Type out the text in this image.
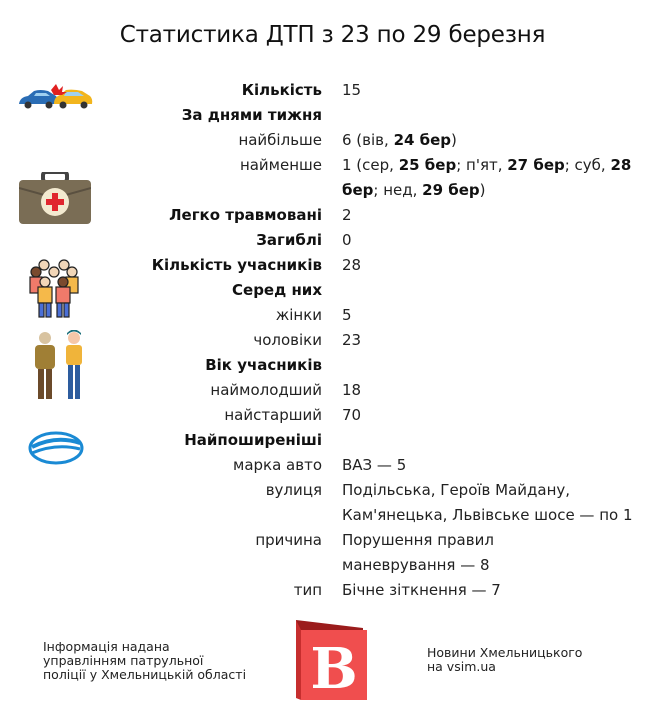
Статистика ДТП з 23 по 29 березня
Кількість 15
За днями тижня
найбільше 6 (вів, 24 бер)
найменше 1 (сер, 25 бер; п'ят, 27 бер; суб, 28
бер; нед, 29 бер)
Легко травмовані 2
Загиблі 0
Кількість учасників 28
Серед них
жінки 5
чоловіки 23
Вік учасників
наймолодший 18
найстарший 70
Найпоширеніші
марка авто ВАЗ — 5
вулиця Подільська, Героїв Майдану,
Кам'янецька, Львівське шосе — по 1
причина Порушення правил
маневрування — 8
тип Бічне зіткнення — 7
Інформація надана
управлінням патрульної
поліції у Хмельницькій області В	Новини Хмельницького
на vsim.ua
